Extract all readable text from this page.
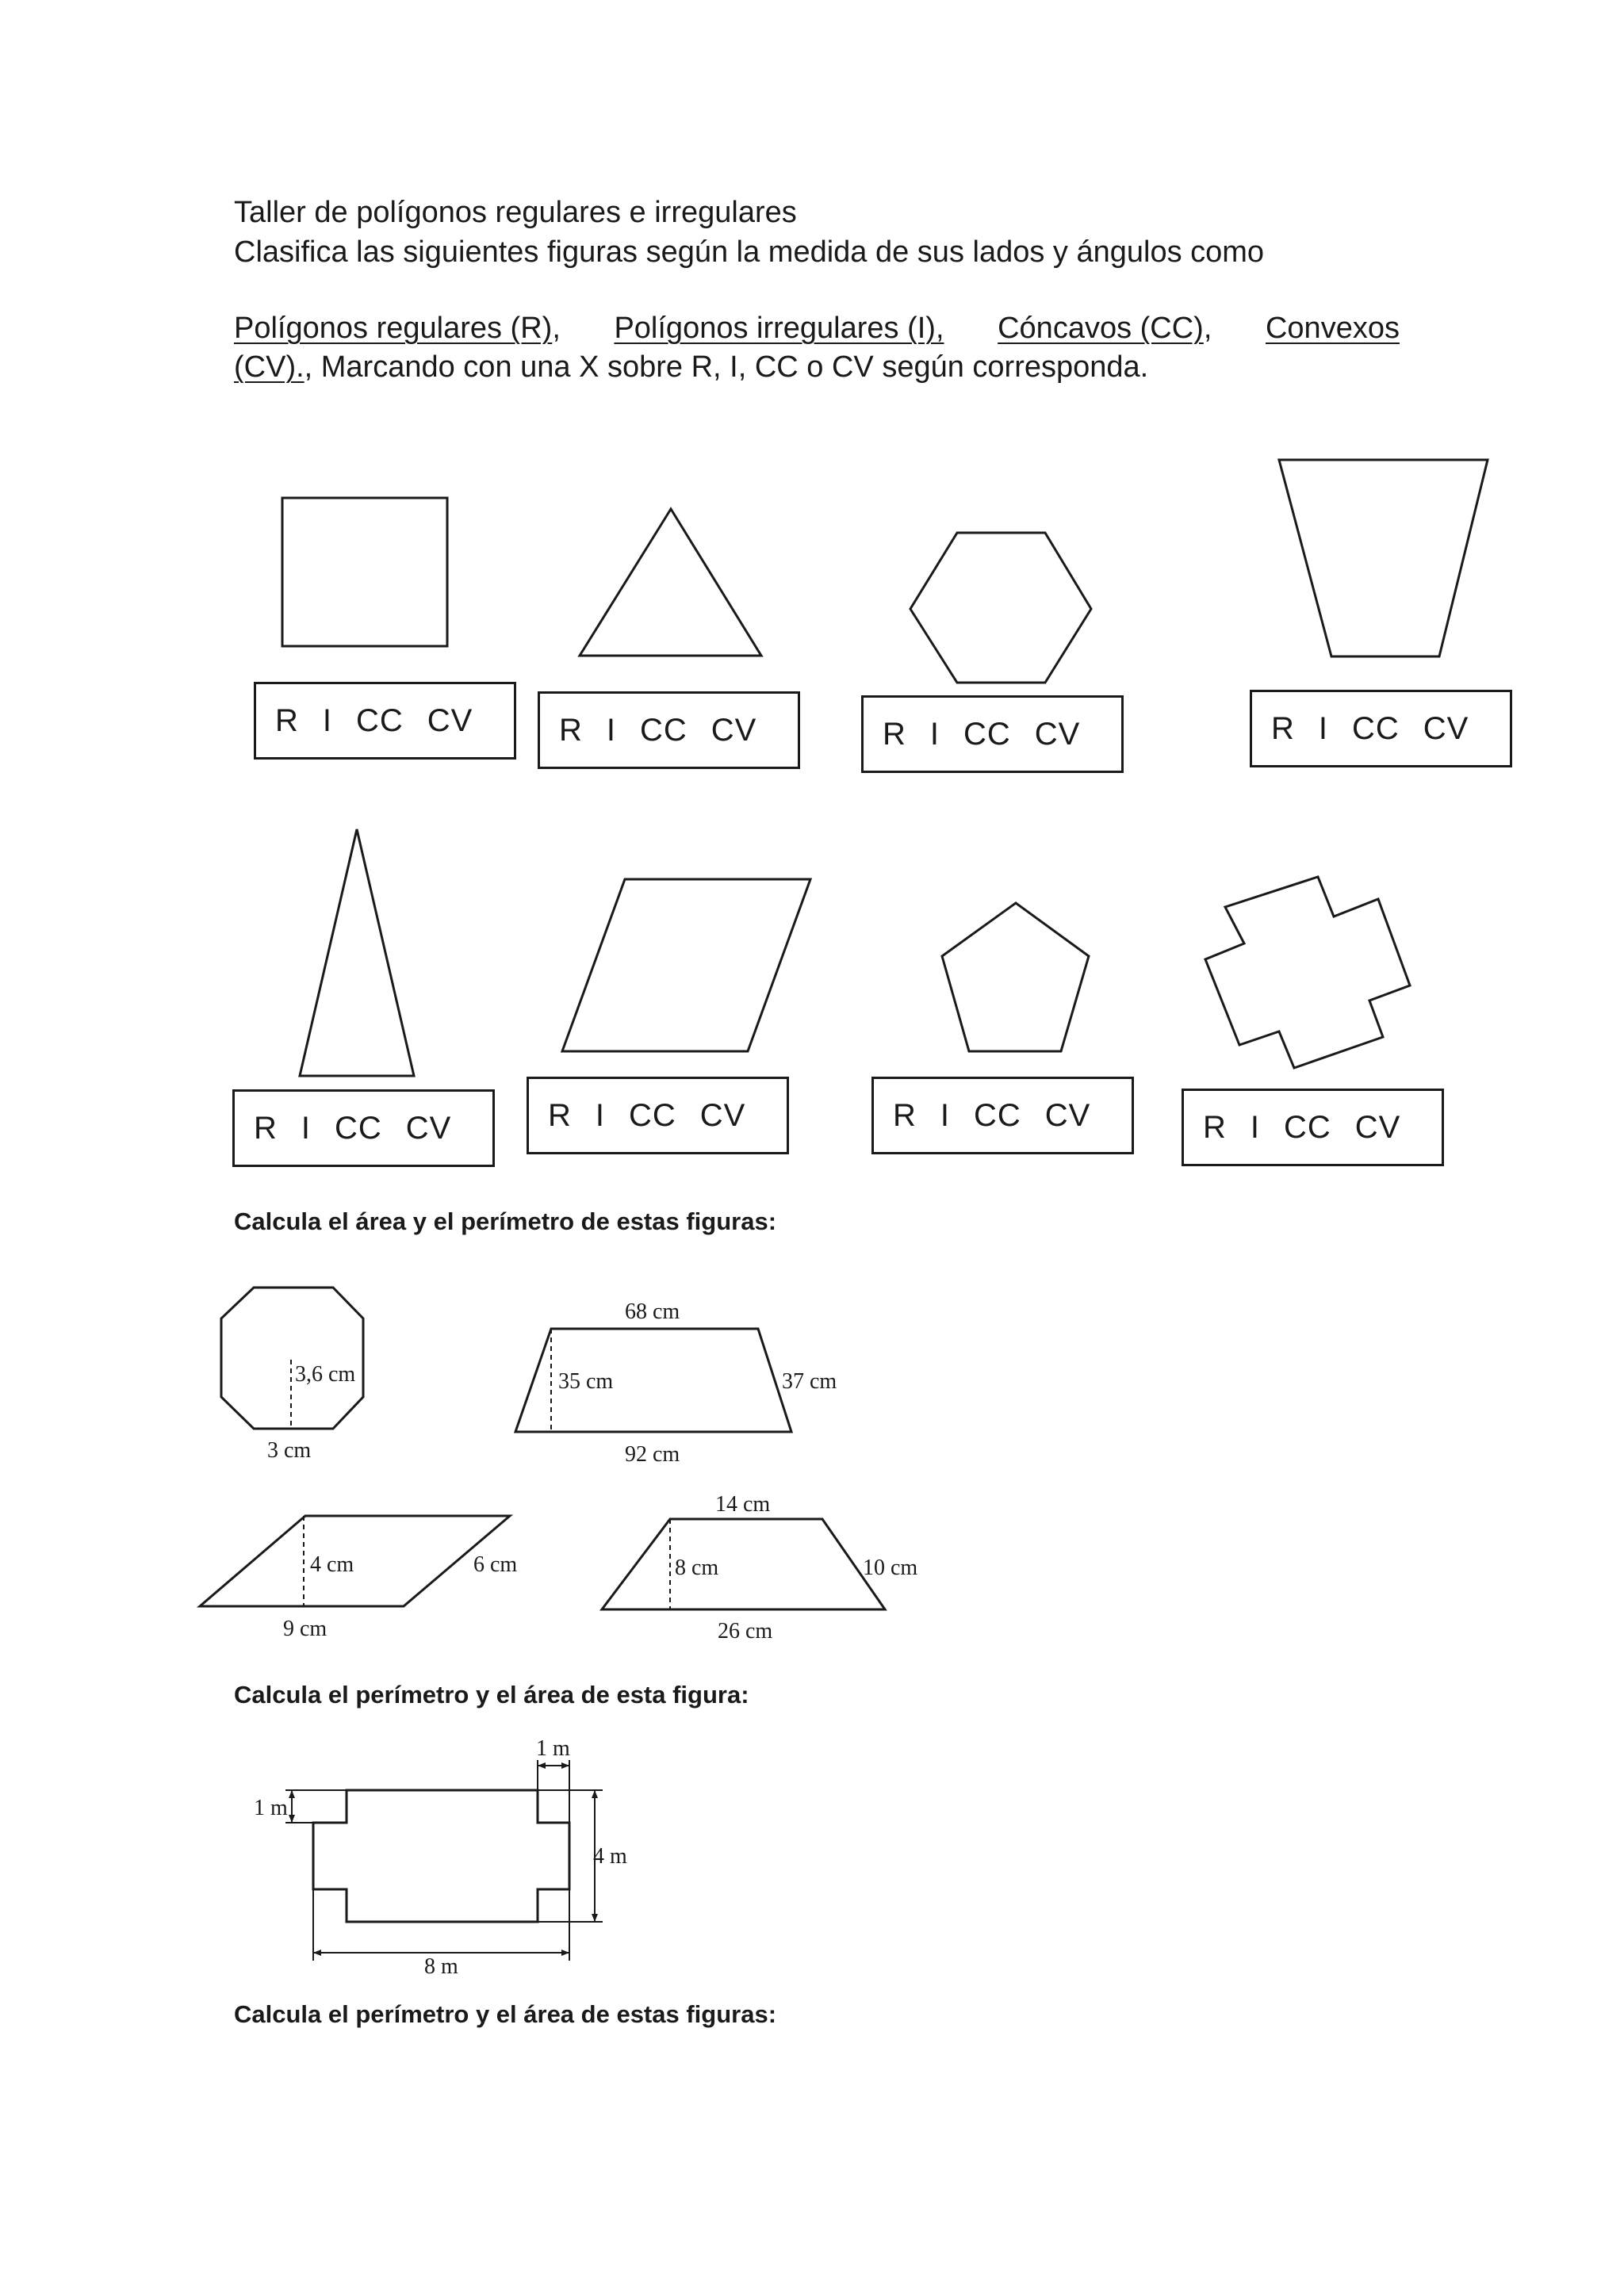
Taller de polígonos regulares e irregulares
Clasifica las siguientes figuras según la medida de sus lados y ángulos como
Polígonos regulares (R), Polígonos irregulares (I), Cóncavos (CC), Convexos
(CV)., Marcando con una X sobre R, I, CC o CV según corresponda.
3,6 cm
3 cm
68 cm
35 cm	37 cm
92 cm
4 cm	6 cm
9 cm
14 cm
8 cm	10 cm
26 cm
1 m
1 m
4 m
8 m
R I CC CV	R I CC CV	R I CC CV	R I CC CV
R I CC CV	R I CC CV	R I CC CV	R I CC CV
Calcula el área y el perímetro de estas figuras:
Calcula el perímetro y el área de esta figura:
Calcula el perímetro y el área de estas figuras:
